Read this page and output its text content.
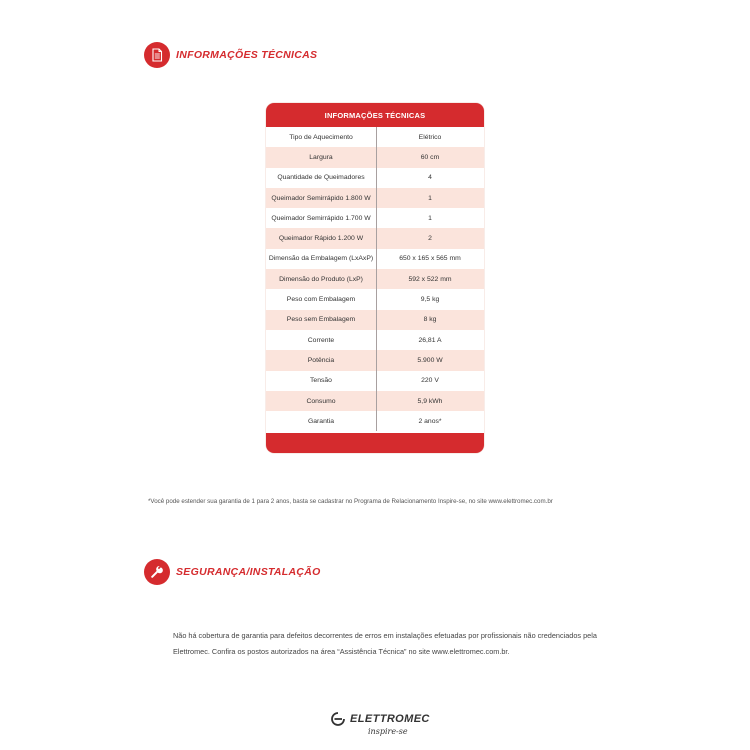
INFORMAÇÕES TÉCNICAS
INFORMAÇÕES TÉCNICAS
Tipo de Aquecimento	Elétrico
Largura	60 cm
Quantidade de Queimadores	4
Queimador Semirrápido 1.800 W	1
Queimador Semirrápido 1.700 W	1
Queimador Rápido 1.200 W	2
Dimensão da Embalagem (LxAxP)	650 x 165 x 565 mm
Dimensão do Produto (LxP)	592 x 522 mm
Peso com Embalagem	9,5 kg
Peso sem Embalagem	8 kg
Corrente	26,81 A
Potência	5.900 W
Tensão	220 V
Consumo	5,9 kWh
Garantia	2 anos*
*Você pode estender sua garantia de 1 para 2 anos, basta se cadastrar no Programa de Relacionamento Inspire-se, no site www.elettromec.com.br
SEGURANÇA/INSTALAÇÃO

Não há cobertura de garantia para defeitos decorrentes de erros em instalações efetuadas por profissionais não credenciados pela Elettromec. Confira os postos autorizados na área “Assistência Técnica” no site www.elettromec.com.br.

ELETTROMEC
inspire-se
